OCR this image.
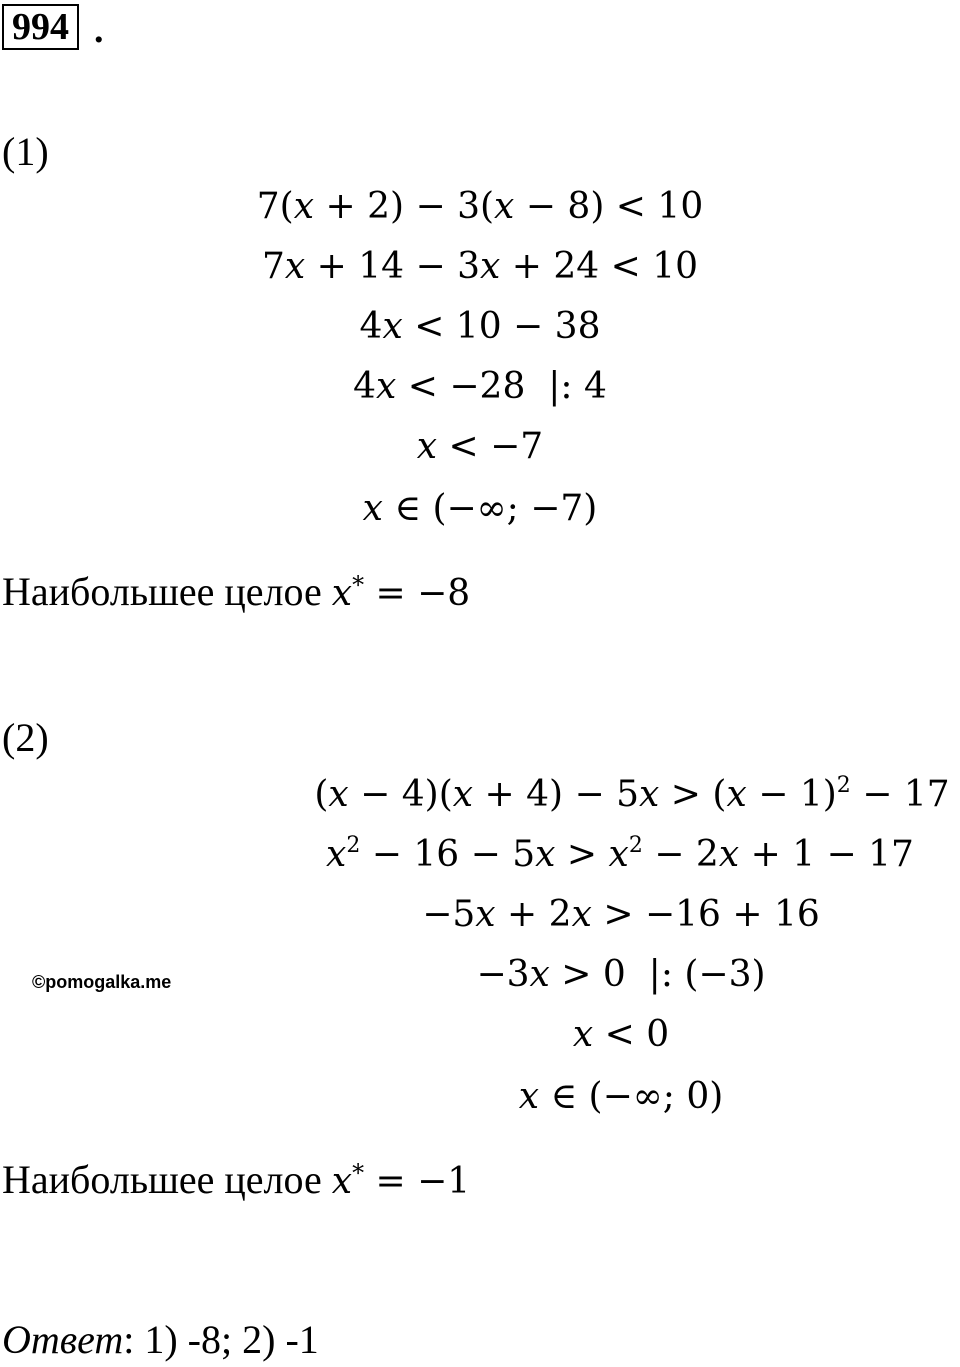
994 .
(1)
7(x + 2) − 3(x − 8) < 10
7x + 14 − 3x + 24 < 10
4x < 10 − 38
4x < −28  |: 4
x < −7
x ∈ (−∞; −7)
Наибольшее целое x* = −8
(2)
$(x - 4)(x + 4) - 5x > (x - 1)^2 - 17$
$x^2 - 16 - 5x > x^2 - 2x + 1 - 17$
−5x + 2x > −16 + 16
−3x > 0  |: (−3)
x < 0
x ∈ (−∞; 0)
©pomogalka.me
Наибольшее целое x* = −1
Ответ: 1) -8; 2) -1
